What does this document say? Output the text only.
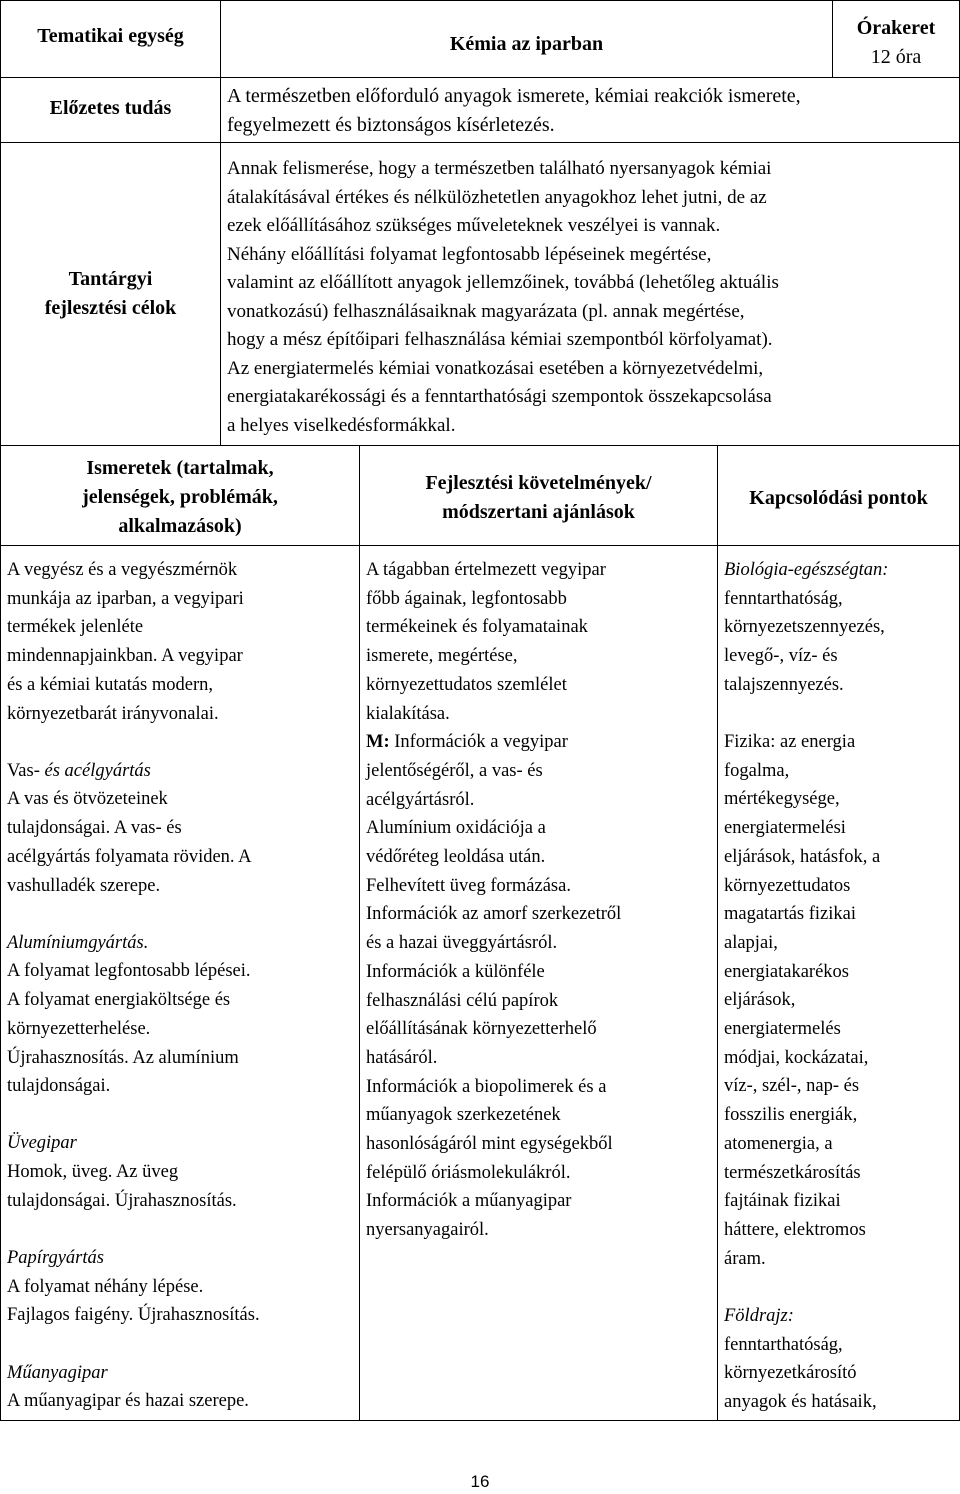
Tematikai egység	Kémia az iparban
Órakeret
12 óra
Előzetes tudás
A természetben előforduló anyagok ismerete, kémiai reakciók ismerete,
fegyelmezett és biztonságos kísérletezés.
Tantárgyi
fejlesztési célok
Annak felismerése, hogy a természetben található nyersanyagok kémiai
átalakításával értékes és nélkülözhetetlen anyagokhoz lehet jutni, de az
ezek előállításához szükséges műveleteknek veszélyei is vannak.
Néhány előállítási folyamat legfontosabb lépéseinek megértése,
valamint az előállított anyagok jellemzőinek, továbbá (lehetőleg aktuális
vonatkozású) felhasználásaiknak magyarázata (pl. annak megértése,
hogy a mész építőipari felhasználása kémiai szempontból körfolyamat).
Az energiatermelés kémiai vonatkozásai esetében a környezetvédelmi,
energiatakarékossági és a fenntarthatósági szempontok összekapcsolása
a helyes viselkedésformákkal.
Ismeretek (tartalmak,
jelenségek, problémák,
alkalmazások)
Fejlesztési követelmények/
módszertani ajánlások
Kapcsolódási pontok
A vegyész és a vegyészmérnök
munkája az iparban, a vegyipari
termékek jelenléte
mindennapjainkban. A vegyipar
és a kémiai kutatás modern,
környezetbarát irányvonalai.
Vas- és acélgyártás
A vas és ötvözeteinek
tulajdonságai. A vas- és
acélgyártás folyamata röviden. A
vashulladék szerepe.
Alumíniumgyártás.
A folyamat legfontosabb lépései.
A folyamat energiaköltsége és
környezetterhelése.
Újrahasznosítás. Az alumínium
tulajdonságai.
Üvegipar
Homok, üveg. Az üveg
tulajdonságai. Újrahasznosítás.
Papírgyártás
A folyamat néhány lépése.
Fajlagos faigény. Újrahasznosítás.
Műanyagipar
A műanyagipar és hazai szerepe.
A tágabban értelmezett vegyipar
főbb ágainak, legfontosabb
termékeinek és folyamatainak
ismerete, megértése,
környezettudatos szemlélet
kialakítása.
M: Információk a vegyipar
jelentőségéről, a vas- és
acélgyártásról.
Alumínium oxidációja a
védőréteg leoldása után.
Felhevített üveg formázása.
Információk az amorf szerkezetről
és a hazai üveggyártásról.
Információk a különféle
felhasználási célú papírok
előállításának környezetterhelő
hatásáról.
Információk a biopolimerek és a
műanyagok szerkezetének
hasonlóságáról mint egységekből
felépülő óriásmolekulákról.
Információk a műanyagipar
nyersanyagairól.
Biológia-egészségtan:
fenntarthatóság,
környezetszennyezés,
levegő-, víz- és
talajszennyezés.
Fizika: az energia
fogalma,
mértékegysége,
energiatermelési
eljárások, hatásfok, a
környezettudatos
magatartás fizikai
alapjai,
energiatakarékos
eljárások,
energiatermelés
módjai, kockázatai,
víz-, szél-, nap- és
fosszilis energiák,
atomenergia, a
természetkárosítás
fajtáinak fizikai
háttere, elektromos
áram.
Földrajz:
fenntarthatóság,
környezetkárosító
anyagok és hatásaik,
16
